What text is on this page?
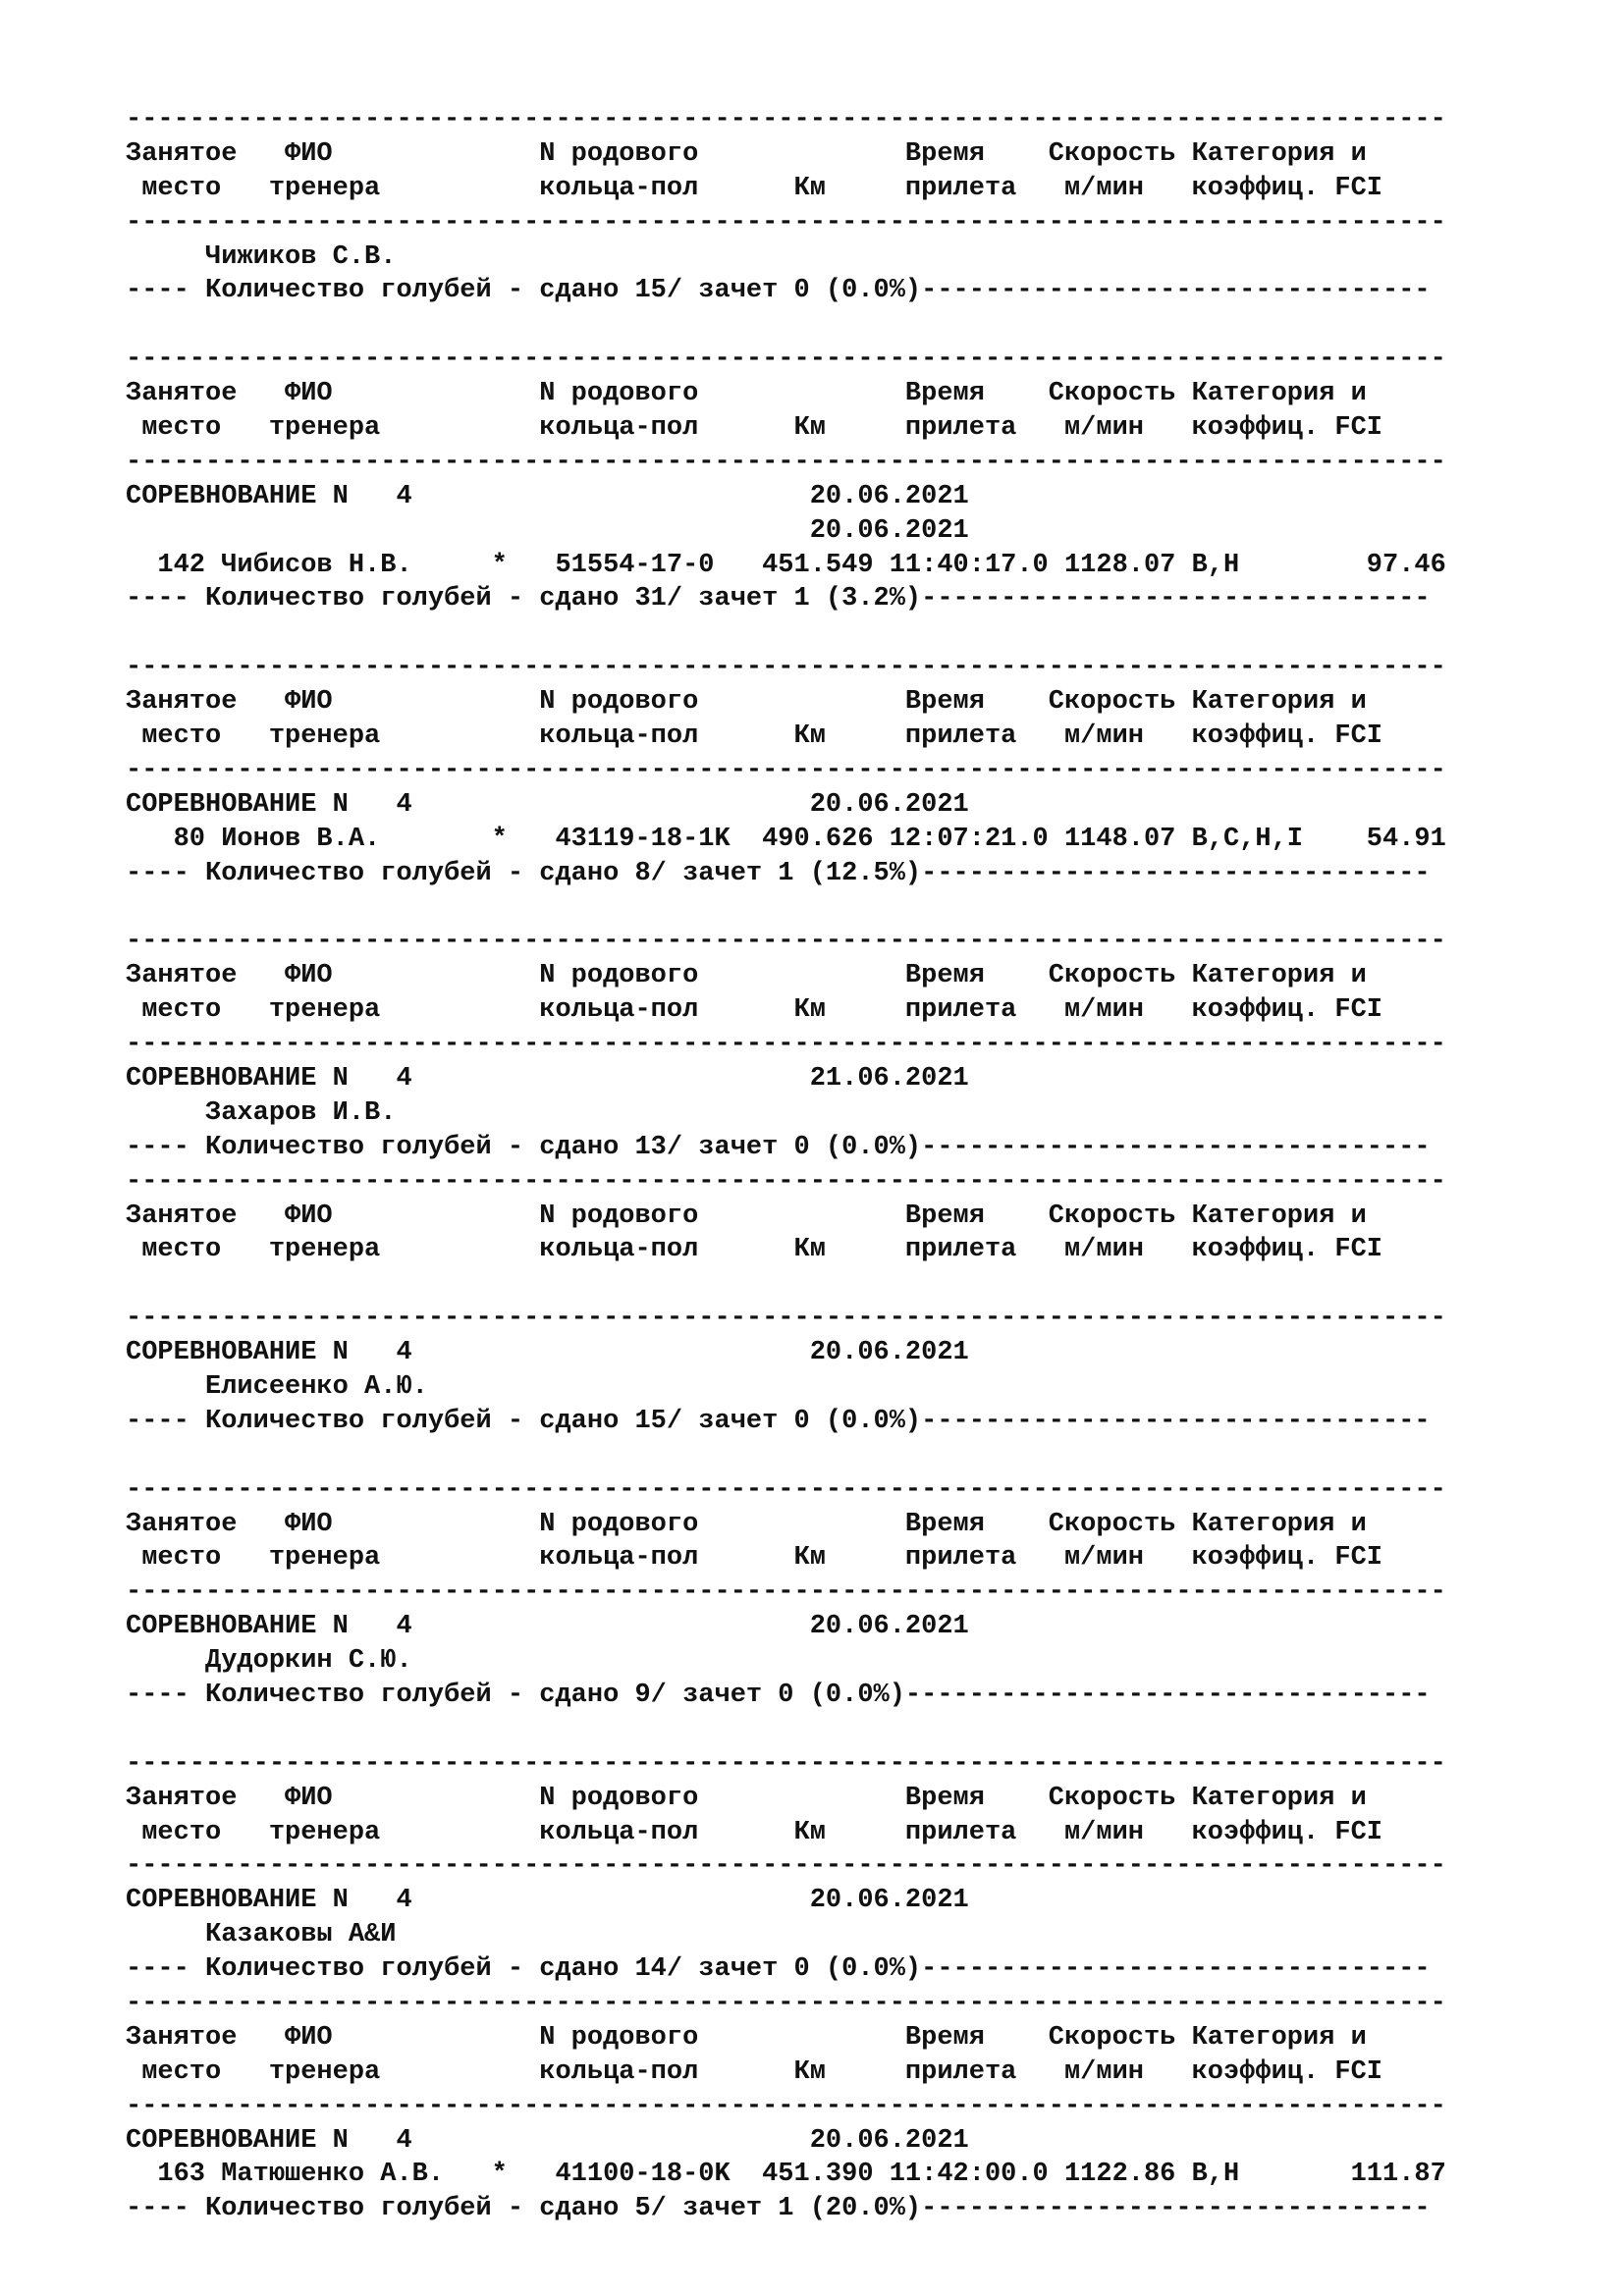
-----------------------------------------------------------------------------------
Занятое   ФИО             N родового             Время    Скорость Категория и
место   тренера          кольца-пол      Км     прилета   м/мин   коэффиц. FCI
-----------------------------------------------------------------------------------
Чижиков С.В.
---- Количество голубей - сдано 15/ зачет 0 (0.0%)--------------------------------
-----------------------------------------------------------------------------------
Занятое   ФИО             N родового             Время    Скорость Категория и
место   тренера          кольца-пол      Км     прилета   м/мин   коэффиц. FCI
-----------------------------------------------------------------------------------
СОРЕВНОВАНИЕ N   4                         20.06.2021
20.06.2021
142 Чибисов Н.В.     *   51554-17-0   451.549 11:40:17.0 1128.07 B,H        97.46
---- Количество голубей - сдано 31/ зачет 1 (3.2%)--------------------------------
-----------------------------------------------------------------------------------
Занятое   ФИО             N родового             Время    Скорость Категория и
место   тренера          кольца-пол      Км     прилета   м/мин   коэффиц. FCI
-----------------------------------------------------------------------------------
СОРЕВНОВАНИЕ N   4                         20.06.2021
80 Ионов В.А.       *   43119-18-1K  490.626 12:07:21.0 1148.07 B,C,H,I    54.91
---- Количество голубей - сдано 8/ зачет 1 (12.5%)--------------------------------
-----------------------------------------------------------------------------------
Занятое   ФИО             N родового             Время    Скорость Категория и
место   тренера          кольца-пол      Км     прилета   м/мин   коэффиц. FCI
-----------------------------------------------------------------------------------
СОРЕВНОВАНИЕ N   4                         21.06.2021
Захаров И.В.
---- Количество голубей - сдано 13/ зачет 0 (0.0%)--------------------------------
-----------------------------------------------------------------------------------
Занятое   ФИО             N родового             Время    Скорость Категория и
место   тренера          кольца-пол      Км     прилета   м/мин   коэффиц. FCI
-----------------------------------------------------------------------------------
СОРЕВНОВАНИЕ N   4                         20.06.2021
Елисеенко А.Ю.
---- Количество голубей - сдано 15/ зачет 0 (0.0%)--------------------------------
-----------------------------------------------------------------------------------
Занятое   ФИО             N родового             Время    Скорость Категория и
место   тренера          кольца-пол      Км     прилета   м/мин   коэффиц. FCI
-----------------------------------------------------------------------------------
СОРЕВНОВАНИЕ N   4                         20.06.2021
Дудоркин С.Ю.
---- Количество голубей - сдано 9/ зачет 0 (0.0%)---------------------------------
-----------------------------------------------------------------------------------
Занятое   ФИО             N родового             Время    Скорость Категория и
место   тренера          кольца-пол      Км     прилета   м/мин   коэффиц. FCI
-----------------------------------------------------------------------------------
СОРЕВНОВАНИЕ N   4                         20.06.2021
Казаковы А&И
---- Количество голубей - сдано 14/ зачет 0 (0.0%)--------------------------------
-----------------------------------------------------------------------------------
Занятое   ФИО             N родового             Время    Скорость Категория и
место   тренера          кольца-пол      Км     прилета   м/мин   коэффиц. FCI
-----------------------------------------------------------------------------------
СОРЕВНОВАНИЕ N   4                         20.06.2021
163 Матюшенко А.В.   *   41100-18-0K  451.390 11:42:00.0 1122.86 B,H       111.87
---- Количество голубей - сдано 5/ зачет 1 (20.0%)--------------------------------
